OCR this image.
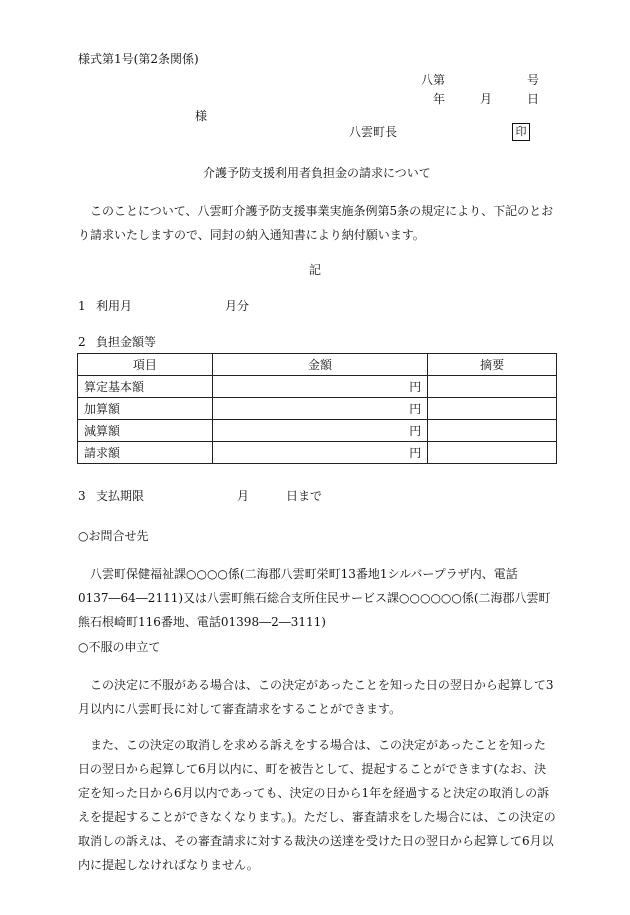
様式第1号(第2条関係)
八第	号
年	月	日
様
八雲町長	印
介護予防支援利用者負担金の請求について
このことについて、八雲町介護予防支援事業実施条例第5条の規定により、下記のとおり請求いたしますので、同封の納入通知書により納付願います。
記
1 利用月	月分
2 負担金額等
項目	金額	摘要
算定基本額	円	
加算額	円	
減算額	円	
請求額	円	
3 支払期限	月	日まで
○お問合せ先
八雲町保健福祉課○○○○係(二海郡八雲町栄町13番地1シルバープラザ内、電話0137―64―2111)又は八雲町熊石総合支所住民サービス課○○○○○○係(二海郡八雲町熊石根崎町116番地、電話01398―2―3111)
○不服の申立て
この決定に不服がある場合は、この決定があったことを知った日の翌日から起算して3月以内に八雲町長に対して審査請求をすることができます。
また、この決定の取消しを求める訴えをする場合は、この決定があったことを知った日の翌日から起算して6月以内に、町を被告として、提起することができます(なお、決定を知った日から6月以内であっても、決定の日から1年を経過すると決定の取消しの訴えを提起することができなくなります。)。ただし、審査請求をした場合には、この決定の取消しの訴えは、その審査請求に対する裁決の送達を受けた日の翌日から起算して6月以内に提起しなければなりません。
